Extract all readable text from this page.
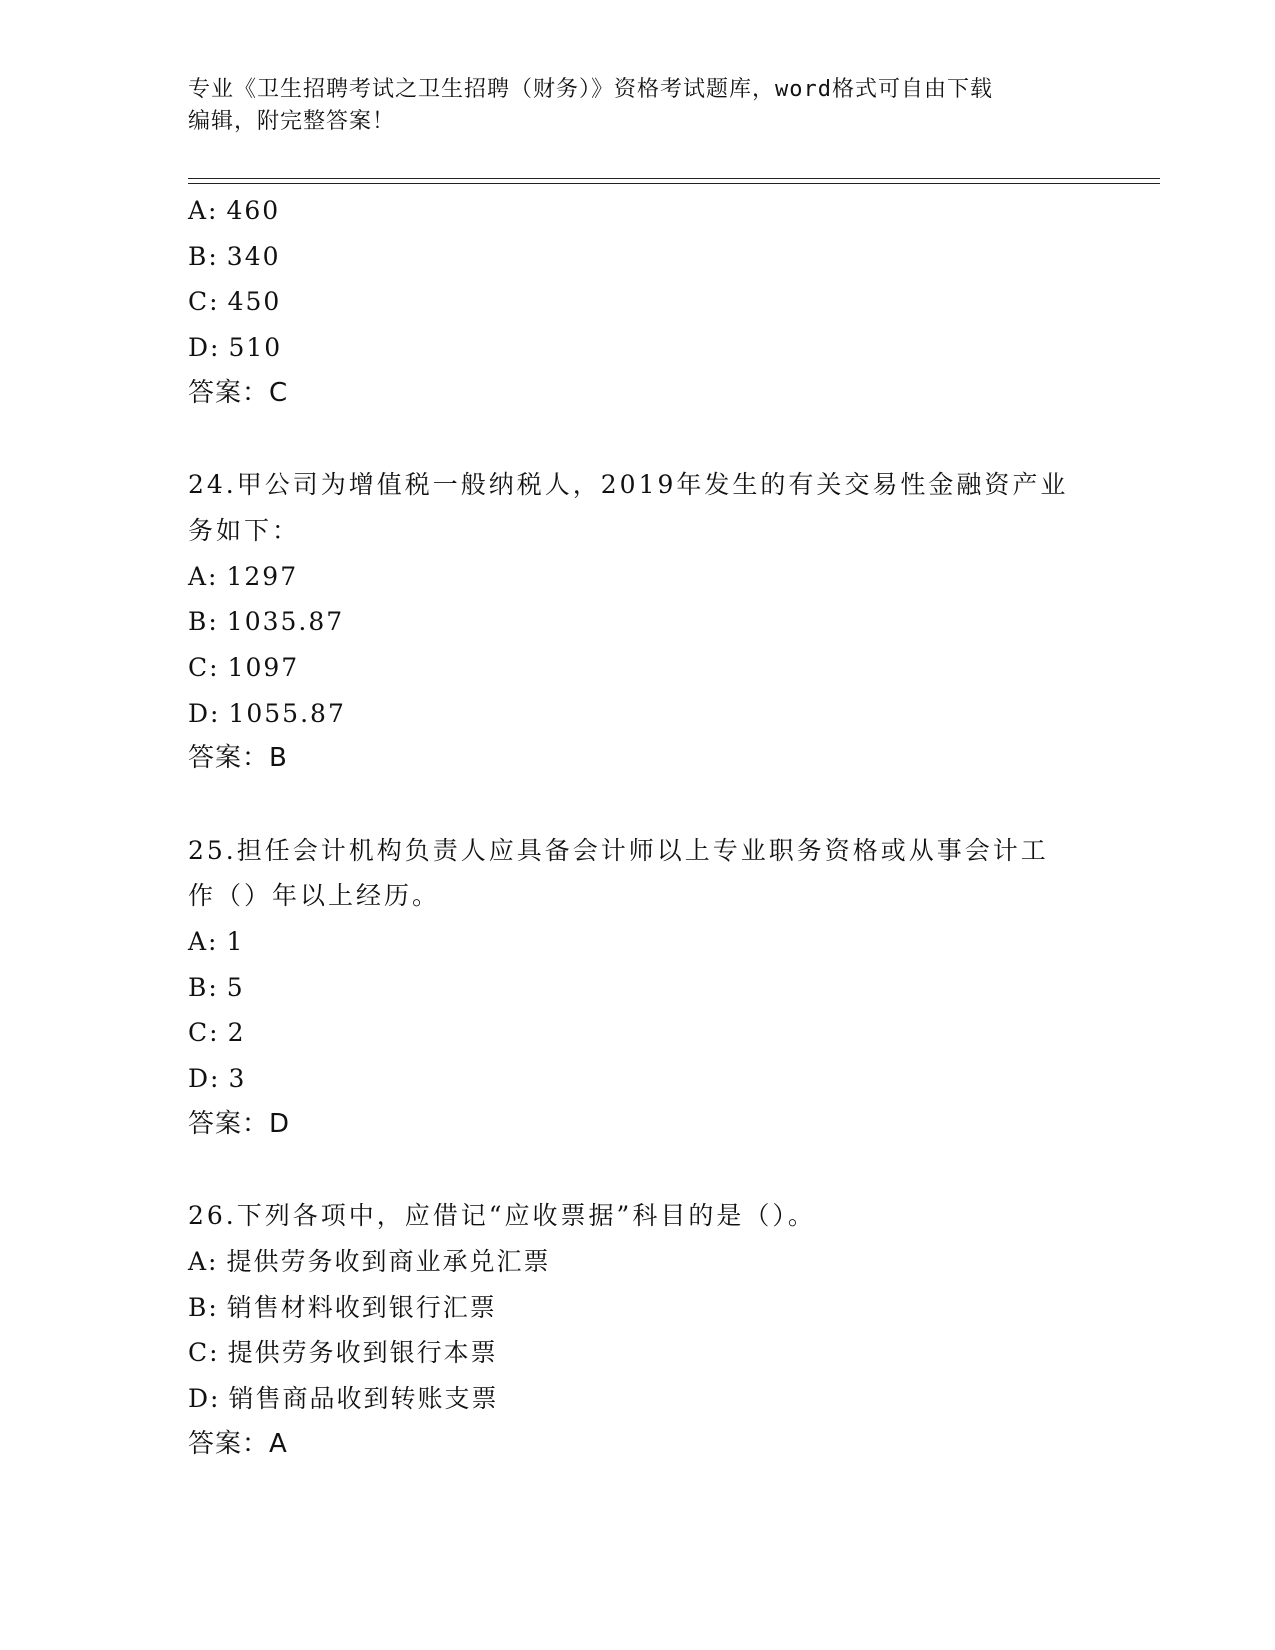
专业《卫生招聘考试之卫生招聘（财务）》资格考试题库，word格式可自由下载
编辑，附完整答案！
A: 460
B: 340
C: 450
D: 510
答案：C
24.甲公司为增值税一般纳税人，2019年发生的有关交易性金融资产业
务如下：
A: 1297
B: 1035.87
C: 1097
D: 1055.87
答案：B
25.担任会计机构负责人应具备会计师以上专业职务资格或从事会计工
作（）年以上经历。
A: 1
B: 5
C: 2
D: 3
答案：D
26.下列各项中，应借记“应收票据”科目的是（）。
A: 提供劳务收到商业承兑汇票
B: 销售材料收到银行汇票
C: 提供劳务收到银行本票
D: 销售商品收到转账支票
答案：A
